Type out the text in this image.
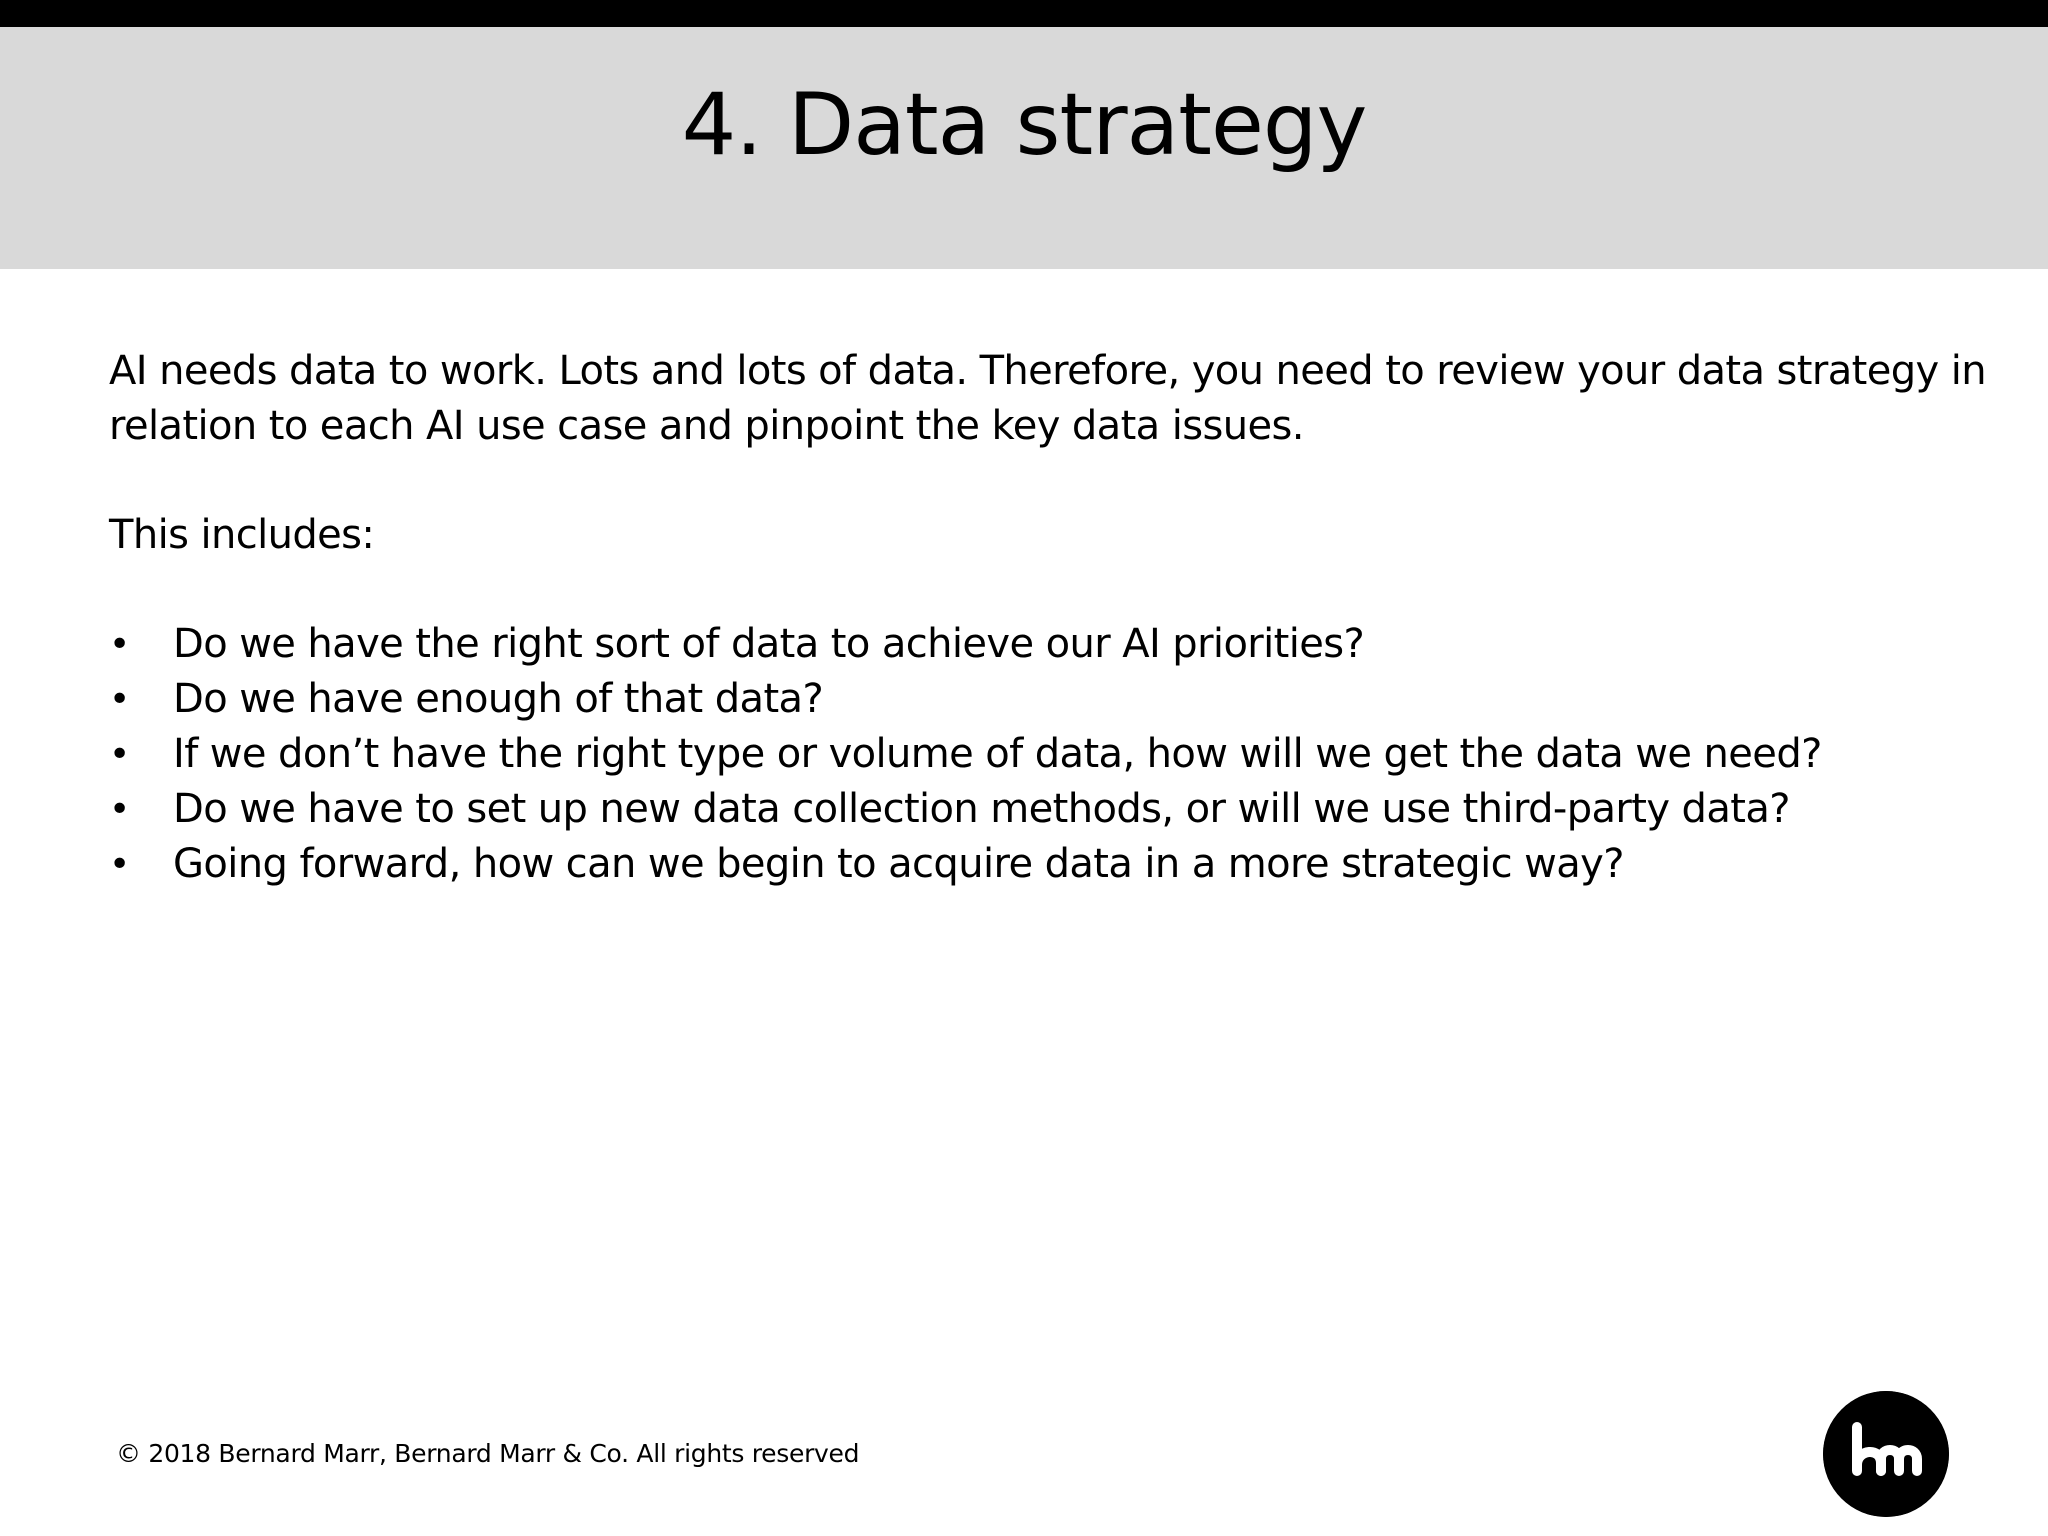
4. Data strategy

AI needs data to work. Lots and lots of data. Therefore, you need to review your data strategy in relation to each AI use case and pinpoint the key data issues.

This includes:

•	Do we have the right sort of data to achieve our AI priorities?
•	Do we have enough of that data?
•	If we don’t have the right type or volume of data, how will we get the data we need?
•	Do we have to set up new data collection methods, or will we use third-party data?
•	Going forward, how can we begin to acquire data in a more strategic way?
© 2018 Bernard Marr, Bernard Marr & Co. All rights reserved
